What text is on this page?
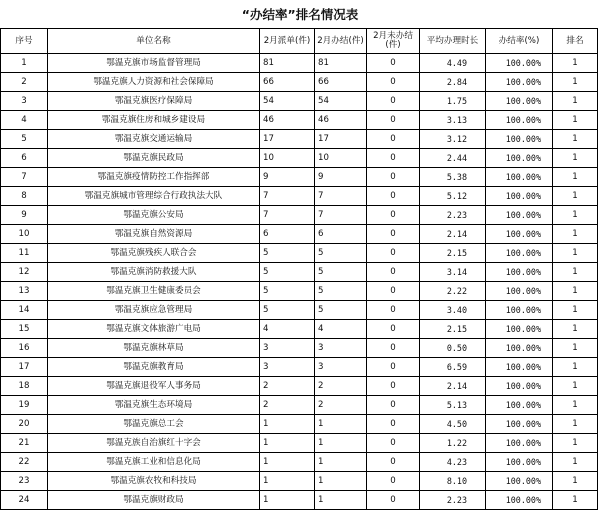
“办结率”排名情况表
序号	单位名称	2月派单(件)	2月办结(件)	2月未办结(件)	平均办理时长	办结率(%)	排名
1	鄂温克旗市场监督管理局	81	81	0	4.49	100.00%	1
2	鄂温克旗人力资源和社会保障局	66	66	0	2.84	100.00%	1
3	鄂温克旗医疗保障局	54	54	0	1.75	100.00%	1
4	鄂温克旗住房和城乡建设局	46	46	0	3.13	100.00%	1
5	鄂温克旗交通运输局	17	17	0	3.12	100.00%	1
6	鄂温克旗民政局	10	10	0	2.44	100.00%	1
7	鄂温克旗疫情防控工作指挥部	9	9	0	5.38	100.00%	1
8	鄂温克旗城市管理综合行政执法大队	7	7	0	5.12	100.00%	1
9	鄂温克旗公安局	7	7	0	2.23	100.00%	1
10	鄂温克旗自然资源局	6	6	0	2.14	100.00%	1
11	鄂温克旗残疾人联合会	5	5	0	2.15	100.00%	1
12	鄂温克旗消防救援大队	5	5	0	3.14	100.00%	1
13	鄂温克旗卫生健康委员会	5	5	0	2.22	100.00%	1
14	鄂温克旗应急管理局	5	5	0	3.40	100.00%	1
15	鄂温克旗文体旅游广电局	4	4	0	2.15	100.00%	1
16	鄂温克旗林草局	3	3	0	0.50	100.00%	1
17	鄂温克旗教育局	3	3	0	6.59	100.00%	1
18	鄂温克旗退役军人事务局	2	2	0	2.14	100.00%	1
19	鄂温克旗生态环境局	2	2	0	5.13	100.00%	1
20	鄂温克旗总工会	1	1	0	4.50	100.00%	1
21	鄂温克族自治旗红十字会	1	1	0	1.22	100.00%	1
22	鄂温克旗工业和信息化局	1	1	0	4.23	100.00%	1
23	鄂温克旗农牧和科技局	1	1	0	8.10	100.00%	1
24	鄂温克旗财政局	1	1	0	2.23	100.00%	1
